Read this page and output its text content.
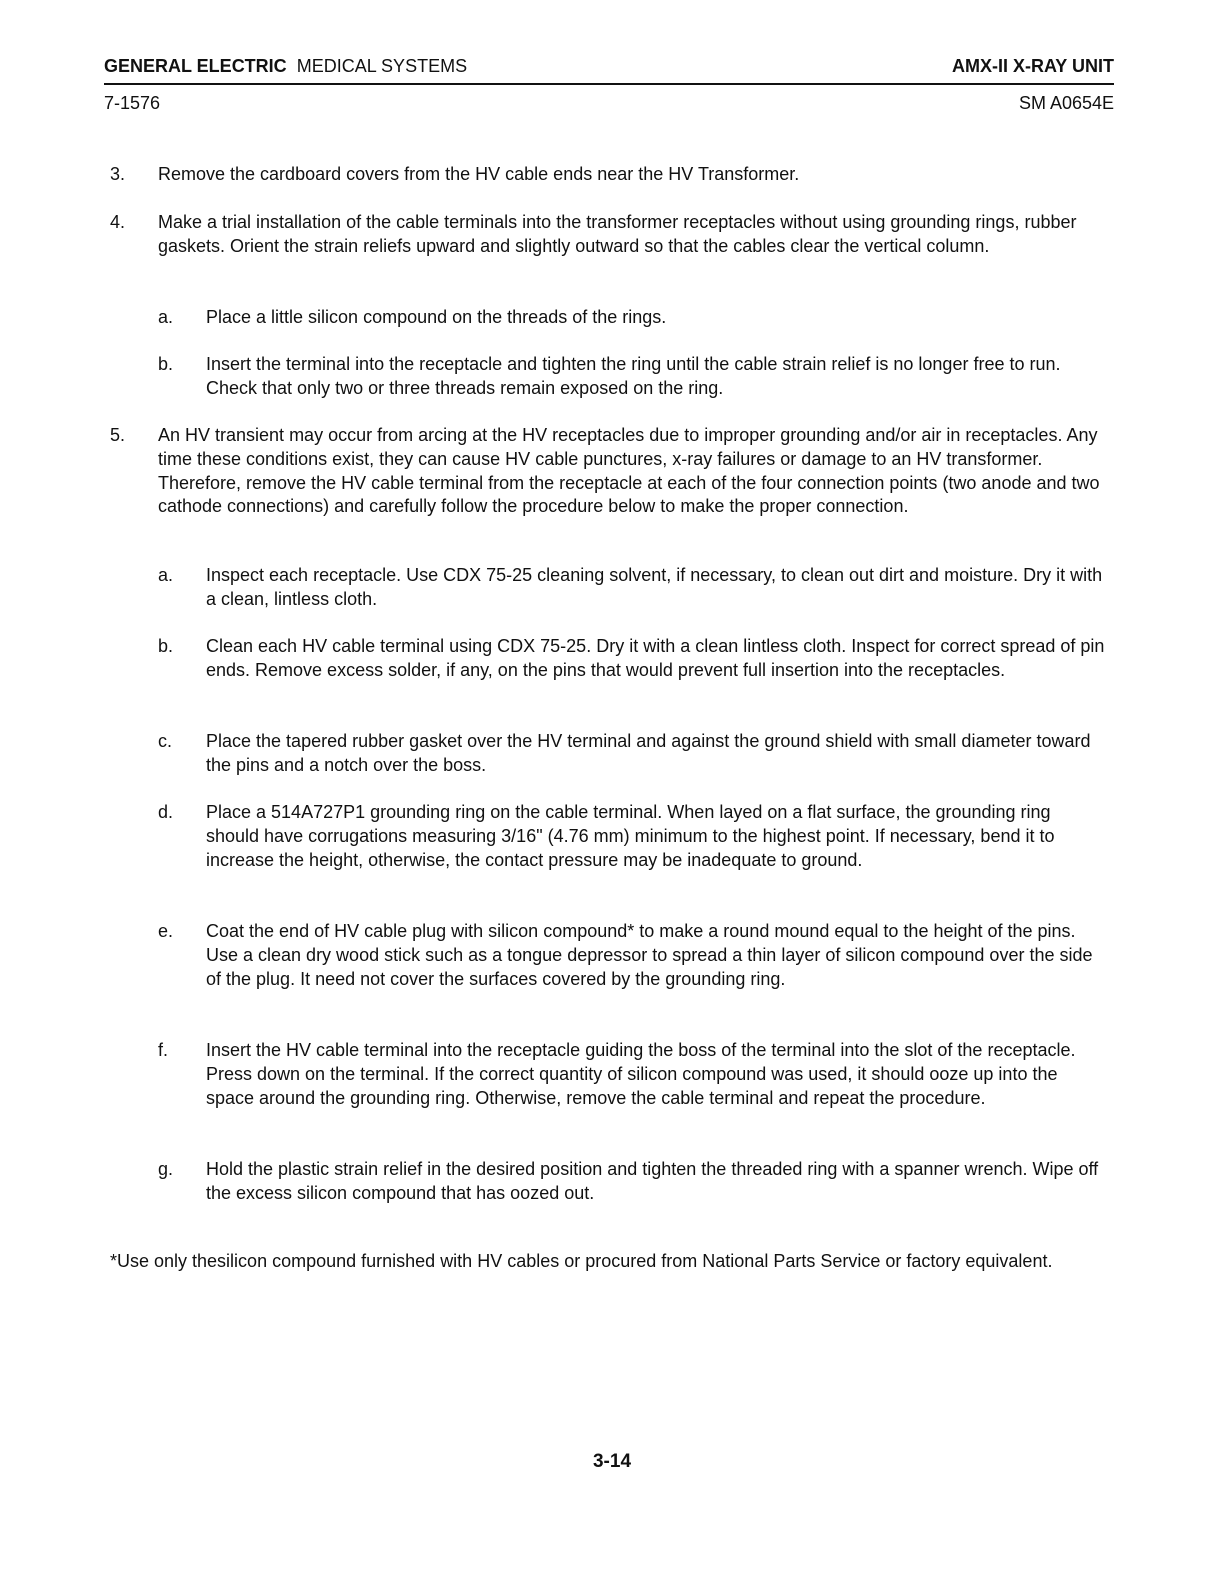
GENERAL ELECTRIC MEDICAL SYSTEMS	AMX-II X-RAY UNIT
7-1576	SM A0654E
3.	Remove the cardboard covers from the HV cable ends near the HV Transformer.
4.	Make a trial installation of the cable terminals into the transformer receptacles without using grounding rings, rubber gaskets. Orient the strain reliefs upward and slightly outward so that the cables clear the vertical column.
a. Place a little silicon compound on the threads of the rings.
b. Insert the terminal into the receptacle and tighten the ring until the cable strain relief is no longer free to run. Check that only two or three threads remain exposed on the ring.
5.	An HV transient may occur from arcing at the HV receptacles due to improper grounding and/or air in receptacles. Any time these conditions exist, they can cause HV cable punctures, x-ray failures or damage to an HV transformer. Therefore, remove the HV cable terminal from the receptacle at each of the four connection points (two anode and two cathode connections) and carefully follow the procedure below to make the proper connection.
a. Inspect each receptacle. Use CDX 75-25 cleaning solvent, if necessary, to clean out dirt and moisture. Dry it with a clean, lintless cloth.
b. Clean each HV cable terminal using CDX 75-25. Dry it with a clean lintless cloth. Inspect for correct spread of pin ends. Remove excess solder, if any, on the pins that would prevent full insertion into the receptacles.
c. Place the tapered rubber gasket over the HV terminal and against the ground shield with small diameter toward the pins and a notch over the boss.
d. Place a 514A727P1 grounding ring on the cable terminal. When layed on a flat surface, the grounding ring should have corrugations measuring 3/16" (4.76 mm) minimum to the highest point. If necessary, bend it to increase the height, otherwise, the contact pressure may be inadequate to ground.
e. Coat the end of HV cable plug with silicon compound* to make a round mound equal to the height of the pins. Use a clean dry wood stick such as a tongue depressor to spread a thin layer of silicon compound over the side of the plug. It need not cover the surfaces covered by the grounding ring.
f. Insert the HV cable terminal into the receptacle guiding the boss of the terminal into the slot of the receptacle. Press down on the terminal. If the correct quantity of silicon compound was used, it should ooze up into the space around the grounding ring. Otherwise, remove the cable terminal and repeat the procedure.
g. Hold the plastic strain relief in the desired position and tighten the threaded ring with a spanner wrench. Wipe off the excess silicon compound that has oozed out.
*Use only thesilicon compound furnished with HV cables or procured from National Parts Service or factory equivalent.
3-14
